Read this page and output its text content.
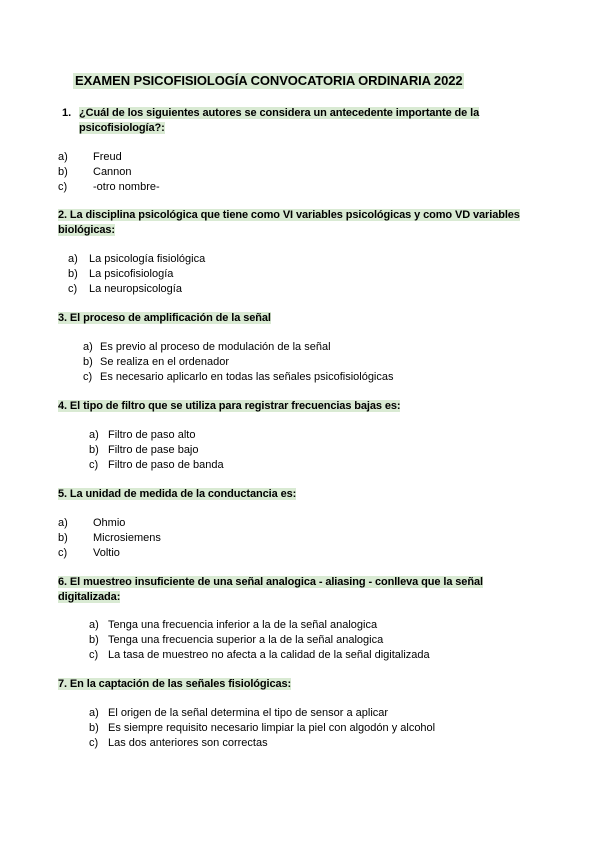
EXAMEN PSICOFISIOLOGÍA CONVOCATORIA ORDINARIA 2022
1. ¿Cuál de los siguientes autores se considera un antecedente importante de la psicofisiología?:
a) Freud
b) Cannon
c) -otro nombre-
2. La disciplina psicológica que tiene como VI variables psicológicas y como VD variables biológicas:
a) La psicología fisiológica
b) La psicofisiología
c) La neuropsicología
3. El proceso de amplificación de la señal
a) Es previo al proceso de modulación de la señal
b) Se realiza en el ordenador
c) Es necesario aplicarlo en todas las señales psicofisiológicas
4. El tipo de filtro que se utiliza para registrar frecuencias bajas es:
a) Filtro de paso alto
b) Filtro de pase bajo
c) Filtro de paso de banda
5. La unidad de medida de la conductancia es:
a) Ohmio
b) Microsiemens
c) Voltio
6. El muestreo insuficiente de una señal analogica - aliasing - conlleva que la señal digitalizada:
a) Tenga una frecuencia inferior a la de la señal analogica
b) Tenga una frecuencia superior a la de la señal analogica
c) La tasa de muestreo no afecta a la calidad de la señal digitalizada
7. En la captación de las señales fisiológicas:
a) El origen de la señal determina el tipo de sensor a aplicar
b) Es siempre requisito necesario limpiar la piel con algodón y alcohol
c) Las dos anteriores son correctas
